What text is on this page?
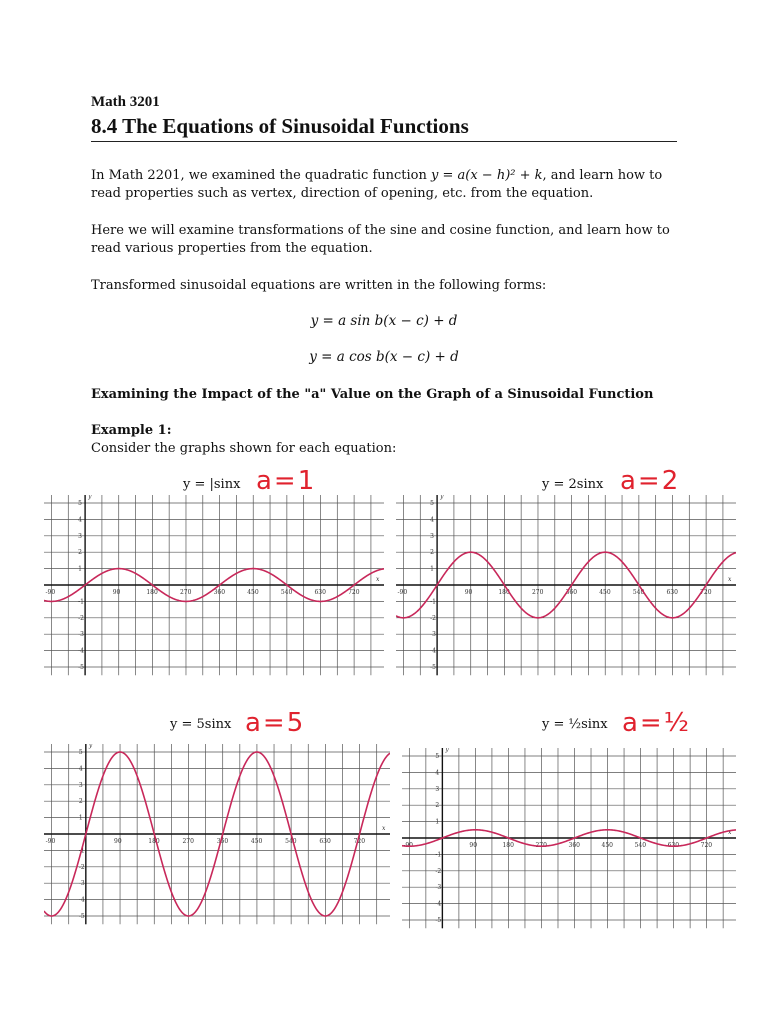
Math 3201
8.4 The Equations of Sinusoidal Functions
In Math 2201, we examined the quadratic function y = a(x − h)² + k, and learn how to
read properties such as vertex, direction of opening, etc. from the equation.
Here we will examine transformations of the sine and cosine function, and learn how to
read various properties from the equation.
Transformed sinusoidal equations are written in the following forms:
y = a sin b(x − c) + d
y = a cos b(x − c) + d
Examining the Impact of the "a" Value on the Graph of a Sinusoidal Function
Example 1:
Consider the graphs shown for each equation:
y = |sinx a=1	y = 2sinx a=2
y = 5sinx a=5	y = ½sinx a=½
x
y
-90	90	180	270	360	450	540	630	720
-5
-4
-3
-2
-1
1
2
3
4
5
x
y
-90	90	180	270	360	450	540	630	720
-5
-4
-3
-2
-1
1
2
3
4
5
x
y
-90	90	180	270	360	450	540	630	720
-5
-4
-3
-2
-1
1
2
3
4
5
x
y
-90	90	180	270	360	450	540	630	720
-5
-4
-3
-2
-1
1
2
3
4
5
